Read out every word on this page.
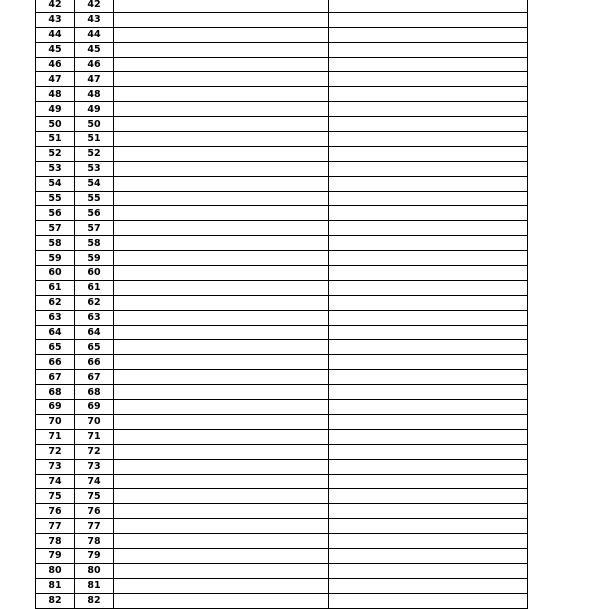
42	42		
43	43		
44	44		
45	45		
46	46		
47	47		
48	48		
49	49		
50	50		
51	51		
52	52		
53	53		
54	54		
55	55		
56	56		
57	57		
58	58		
59	59		
60	60		
61	61		
62	62		
63	63		
64	64		
65	65		
66	66		
67	67		
68	68		
69	69		
70	70		
71	71		
72	72		
73	73		
74	74		
75	75		
76	76		
77	77		
78	78		
79	79		
80	80		
81	81		
82	82		
